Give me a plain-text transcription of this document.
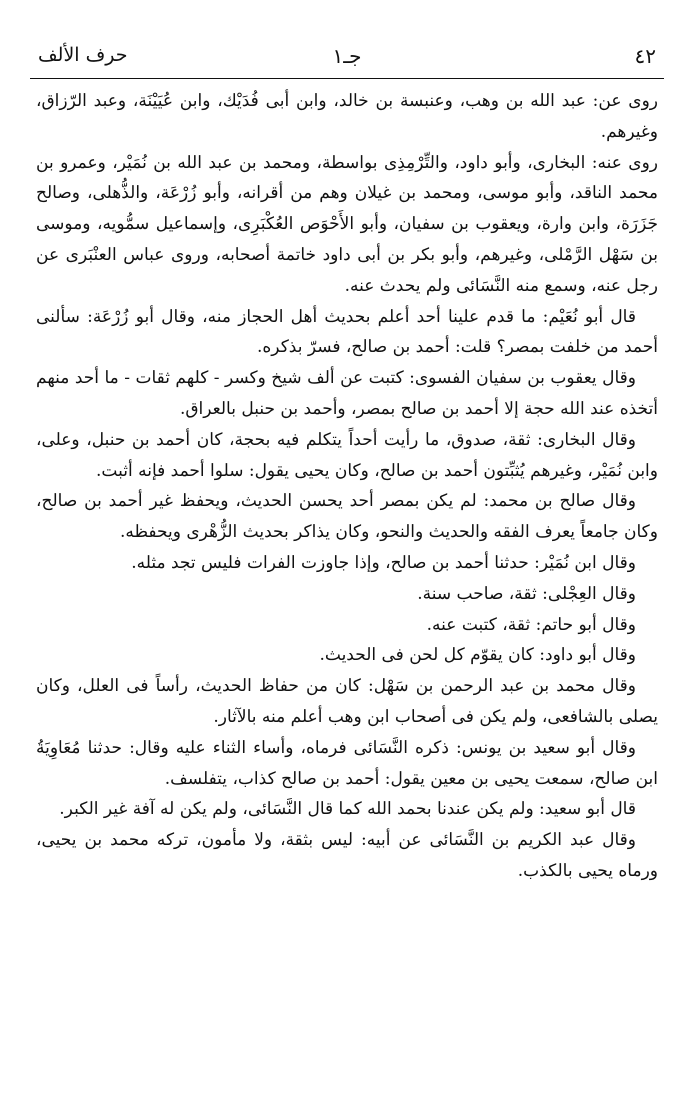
٤٢
جـ١
حرف الألف

روى عن: عبد الله بن وهب، وعنبسة بن خالد، وابن أبى فُدَيْك، وابن عُيَيْنَة، وعبد الرّزاق، وغيرهم.

روى عنه: البخارى، وأبو داود، والتِّرْمِذِى بواسطة، ومحمد بن عبد الله بن نُمَيْر، وعمرو بن محمد الناقد، وأبو موسى، ومحمد بن غيلان وهم من أقرانه، وأبو زُرْعَة، والذُّهلى، وصالح جَزَرَة، وابن وارة، ويعقوب بن سفيان، وأبو الأَحْوَص العُكْبَرِى، وإسماعيل سمُّويه، وموسى بن سَهْل الرَّمْلى، وغيرهم، وأبو بكر بن أبى داود خاتمة أصحابه، وروى عباس العنْبَرى عن رجل عنه، وسمع منه النَّسَائى ولم يحدث عنه.

قال أبو نُعَيْم: ما قدم علينا أحد أعلم بحديث أهل الحجاز منه، وقال أبو زُرْعَة: سألنى أحمد من خلفت بمصر؟ قلت: أحمد بن صالح، فسرّ بذكره.

وقال يعقوب بن سفيان الفسوى: كتبت عن ألف شيخ وكسر - كلهم ثقات - ما أحد منهم أتخذه عند الله حجة إلا أحمد بن صالح بمصر، وأحمد بن حنبل بالعراق.

وقال البخارى: ثقة، صدوق، ما رأيت أحداً يتكلم فيه بحجة، كان أحمد بن حنبل، وعلى، وابن نُمَيْر، وغيرهم يُثبِّتون أحمد بن صالح، وكان يحيى يقول: سلوا أحمد فإنه أثبت.

وقال صالح بن محمد: لم يكن بمصر أحد يحسن الحديث، ويحفظ غير أحمد بن صالح، وكان جامعاً يعرف الفقه والحديث والنحو، وكان يذاكر بحديث الزُّهْرى ويحفظه.

وقال ابن نُمَيْر: حدثنا أحمد بن صالح، وإذا جاوزت الفرات فليس تجد مثله.

وقال العِجْلى: ثقة، صاحب سنة.

وقال أبو حاتم: ثقة، كتبت عنه.

وقال أبو داود: كان يقوّم كل لحن فى الحديث.

وقال محمد بن عبد الرحمن بن سَهْل: كان من حفاظ الحديث، رأساً فى العلل، وكان يصلى بالشافعى، ولم يكن فى أصحاب ابن وهب أعلم منه بالآثار.

وقال أبو سعيد بن يونس: ذكره النَّسَائى فرماه، وأساء الثناء عليه وقال: حدثنا مُعَاوِيَةُ ابن صالح، سمعت يحيى بن معين يقول: أحمد بن صالح كذاب، يتفلسف.

قال أبو سعيد: ولم يكن عندنا بحمد الله كما قال النَّسَائى، ولم يكن له آفة غير الكبر.

وقال عبد الكريم بن النَّسَائى عن أبيه: ليس بثقة، ولا مأمون، تركه محمد بن يحيى، ورماه يحيى بالكذب.
